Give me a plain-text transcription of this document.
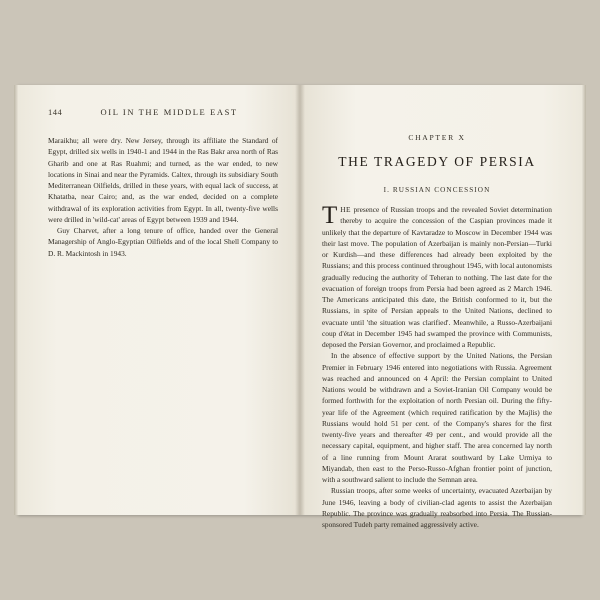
144	OIL IN THE MIDDLE EAST

Maraikhu; all were dry. New Jersey, through its affiliate the Standard of Egypt, drilled six wells in 1940-1 and 1944 in the Ras Bakr area north of Ras Gharib and one at Ras Ruahmi; and turned, as the war ended, to new locations in Sinai and near the Pyramids. Caltex, through its subsidiary South Mediterranean Oilfields, drilled in these years, with equal lack of success, at Khatatba, near Cairo; and, as the war ended, decided on a complete withdrawal of its exploration activities from Egypt. In all, twenty-five wells were drilled in 'wild-cat' areas of Egypt between 1939 and 1944.

Guy Charvet, after a long tenure of office, handed over the General Managership of Anglo-Egyptian Oilfields and of the local Shell Company to D. R. Mackintosh in 1943.

CHAPTER X
THE TRAGEDY OF PERSIA
I. RUSSIAN CONCESSION

THE presence of Russian troops and the revealed Soviet determination thereby to acquire the concession of the Caspian provinces made it unlikely that the departure of Kavtaradze to Moscow in December 1944 was their last move. The population of Azerbaijan is mainly non-Persian—Turki or Kurdish—and these differences had already been exploited by the Russians; and this process continued throughout 1945, with local autonomists gradually reducing the authority of Teheran to nothing. The last date for the evacuation of foreign troops from Persia had been agreed as 2 March 1946. The Americans anticipated this date, the British conformed to it, but the Russians, in spite of Persian appeals to the United Nations, declined to evacuate until 'the situation was clarified'. Meanwhile, a Russo-Azerbaijani coup d'état in December 1945 had swamped the province with Communists, deposed the Persian Governor, and proclaimed a Republic.

In the absence of effective support by the United Nations, the Persian Premier in February 1946 entered into negotiations with Russia. Agreement was reached and announced on 4 April: the Persian complaint to United Nations would be withdrawn and a Soviet-Iranian Oil Company would be formed forthwith for the exploitation of north Persian oil. During the fifty-year life of the Agreement (which required ratification by the Majlis) the Russians would hold 51 per cent. of the Company's shares for the first twenty-five years and thereafter 49 per cent., and would provide all the necessary capital, equipment, and higher staff. The area concerned lay north of a line running from Mount Ararat southward by Lake Urmiya to Miyandab, then east to the Perso-Russo-Afghan frontier point of junction, with a southward salient to include the Semnan area.

Russian troops, after some weeks of uncertainty, evacuated Azerbaijan by June 1946, leaving a body of civilian-clad agents to assist the Azerbaijan Republic. The province was gradually reabsorbed into Persia. The Russian-sponsored Tudeh party remained aggressively active.
